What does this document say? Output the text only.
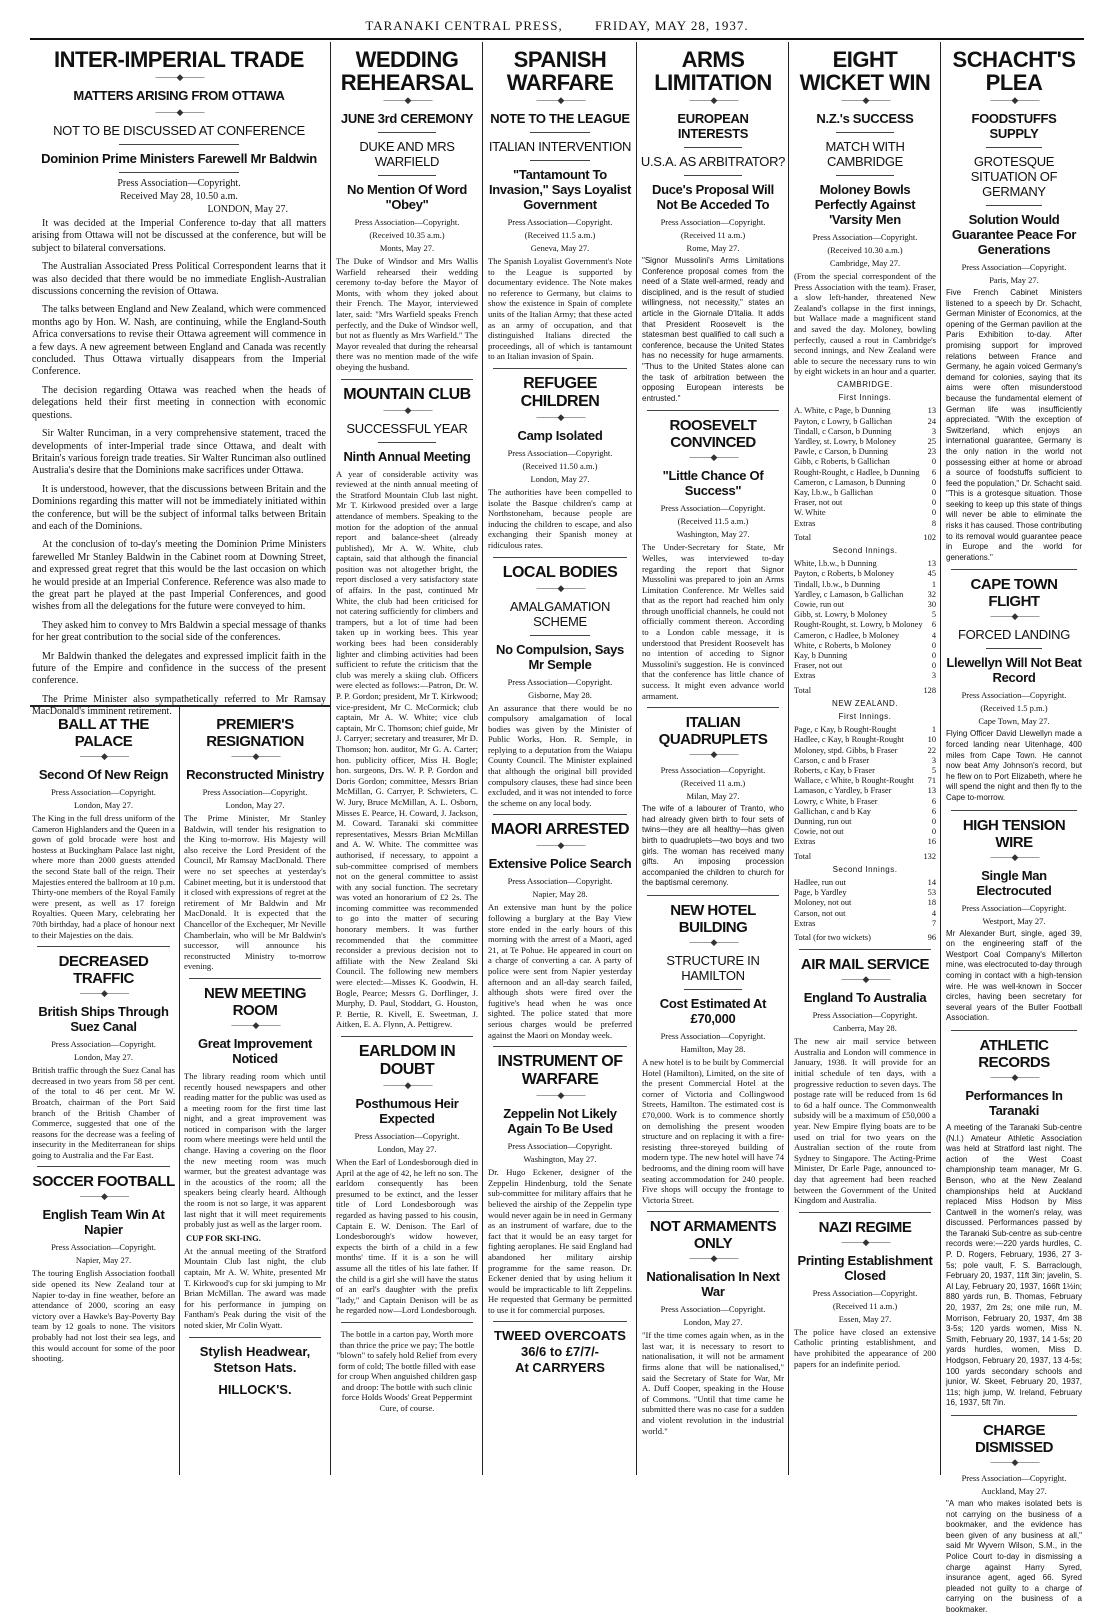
TARANAKI CENTRAL PRESS, FRIDAY, MAY 28, 1937.
INTER-IMPERIAL TRADE
———◆———
MATTERS ARISING FROM OTTAWA
———◆———
NOT TO BE DISCUSSED AT CONFERENCE
Dominion Prime Ministers Farewell Mr Baldwin
Press Association—Copyright.
Received May 28, 10.50 a.m.
LONDON, May 27.

It was decided at the Imperial Conference to-day that all matters arising from Ottawa will not be discussed at the conference, but will be subject to bilateral conversations.

The Australian Associated Press Political Correspondent learns that it was also decided that there would be no immediate English-Australian discussions concerning the revision of Ottawa.

The talks between England and New Zealand, which were commenced months ago by Hon. W. Nash, are continuing, while the England-South Africa conversations to revise their Ottawa agreement will commence in a few days. A new agreement between England and Canada was recently concluded. Thus Ottawa virtually disappears from the Imperial Conference.

The decision regarding Ottawa was reached when the heads of delegations held their first meeting in connection with economic questions.

Sir Walter Runciman, in a very comprehensive statement, traced the developments of inter-Imperial trade since Ottawa, and dealt with Britain's various foreign trade treaties. Sir Walter Runciman also outlined Australia's desire that the Dominions make sacrifices under Ottawa.

It is understood, however, that the discussions between Britain and the Dominions regarding this matter will not be immediately initiated within the conference, but will be the subject of informal talks between Britain and each of the Dominions.

At the conclusion of to-day's meeting the Dominion Prime Ministers farewelled Mr Stanley Baldwin in the Cabinet room at Downing Street, and expressed great regret that this would be the last occasion on which he would preside at an Imperial Conference. Reference was also made to the great part he played at the past Imperial Conferences, and good wishes from all the delegations for the future were conveyed to him.

They asked him to convey to Mrs Baldwin a special message of thanks for her great contribution to the social side of the conferences.

Mr Baldwin thanked the delegates and expressed implicit faith in the future of the Empire and confidence in the success of the present conference.

The Prime Minister also sympathetically referred to Mr Ramsay MacDonald's imminent retirement.

BALL AT THE PALACE
———◆———
Second Of New Reign
Press Association—Copyright.
London, May 27.
The King in the full dress uniform of the Cameron Highlanders and the Queen in a gown of gold brocade were host and hostess at Buckingham Palace last night, where more than 2000 guests attended the second State ball of the reign. Their Majesties entered the ballroom at 10 p.m. Thirty-one members of the Royal Family were present, as well as 17 foreign Royalties. Queen Mary, celebrating her 70th birthday, had a place of honour next to their Majesties on the dais.
DECREASED TRAFFIC
———◆———
British Ships Through Suez Canal
Press Association—Copyright.
London, May 27.
British traffic through the Suez Canal has decreased in two years from 58 per cent. of the total to 46 per cent. Mr W. Broatch, chairman of the Port Said branch of the British Chamber of Commerce, suggested that one of the reasons for the decrease was a feeling of insecurity in the Mediterranean for ships going to Australia and the Far East.
SOCCER FOOTBALL
———◆———
English Team Win At Napier
Press Association—Copyright.
Napier, May 27.
The touring English Association football side opened its New Zealand tour at Napier to-day in fine weather, before an attendance of 2000, scoring an easy victory over a Hawke's Bay-Poverty Bay team by 12 goals to none. The visitors probably had not lost their sea legs, and this would account for some of the poor shooting.
PREMIER'S RESIGNATION
———◆———
Reconstructed Ministry
Press Association—Copyright.
London, May 27.
The Prime Minister, Mr Stanley Baldwin, will tender his resignation to the King to-morrow. His Majesty will also receive the Lord President of the Council, Mr Ramsay MacDonald. There were no set speeches at yesterday's Cabinet meeting, but it is understood that it closed with expressions of regret at the retirement of Mr Baldwin and Mr MacDonald. It is expected that the Chancellor of the Exchequer, Mr Neville Chamberlain, who will be Mr Baldwin's successor, will announce his reconstructed Ministry to-morrow evening.
NEW MEETING ROOM
———◆———
Great Improvement Noticed
The library reading room which until recently housed newspapers and other reading matter for the public was used as a meeting room for the first time last night, and a great improvement was noticed in comparison with the larger room where meetings were held until the change. Having a covering on the floor the new meeting room was much warmer, but the greatest advantage was in the acoustics of the room; all the speakers being clearly heard. Although the room is not so large, it was apparent last night that it will meet requirements probably just as well as the larger room.
CUP FOR SKI-ING.
At the annual meeting of the Stratford Mountain Club last night, the club captain, Mr A. W. White, presented Mr T. Kirkwood's cup for ski jumping to Mr Brian McMillan. The award was made for his performance in jumping on Fantham's Peak during the visit of the noted skier, Mr Colin Wyatt.
Stylish Headwear,
Stetson Hats.
HILLOCK'S.
WEDDING REHEARSAL
———◆———
JUNE 3rd CEREMONY
DUKE AND MRS WARFIELD
No Mention Of Word "Obey"
Press Association—Copyright.
(Received 10.35 a.m.)
Monts, May 27.
The Duke of Windsor and Mrs Wallis Warfield rehearsed their wedding ceremony to-day before the Mayor of Monts, with whom they joked about their French. The Mayor, interviewed later, said: "Mrs Warfield speaks French perfectly, and the Duke of Windsor well, but not as fluently as Mrs Warfield." The Mayor revealed that during the rehearsal there was no mention made of the wife obeying the husband.
MOUNTAIN CLUB
———◆———
SUCCESSFUL YEAR
Ninth Annual Meeting
A year of considerable activity was reviewed at the ninth annual meeting of the Stratford Mountain Club last night. Mr T. Kirkwood presided over a large attendance of members. Speaking to the motion for the adoption of the annual report and balance-sheet (already published), Mr A. W. White, club captain, said that although the financial position was not altogether bright, the report disclosed a very satisfactory state of affairs. In the past, continued Mr White, the club had been criticised for not catering sufficiently for climbers and trampers, but a lot of time had been taken up in working bees. This year working bees had been considerably lighter and climbing activities had been sufficient to refute the criticism that the club was merely a skiing club. Officers were elected as follows:—Patron, Dr. W. P. P. Gordon; president, Mr T. Kirkwood; vice-president, Mr C. McCormick; club captain, Mr A. W. White; vice club captain, Mr C. Thomson; chief guide, Mr J. Carryer; secretary and treasurer, Mr D. Thomson; hon. auditor, Mr G. A. Carter; hon. publicity officer, Miss H. Bogle; hon. surgeons, Drs. W. P. P. Gordon and Doris Gordon; committee, Messrs Brian McMillan, G. Carryer, P. Schwieters, C. W. Jury, Bruce McMillan, A. L. Osborn, Misses E. Pearce, H. Coward, J. Jackson, M. Coward. Taranaki ski committee representatives, Messrs Brian McMillan and A. W. White. The committee was authorised, if necessary, to appoint a sub-committee comprised of members not on the general committee to assist with any social function. The secretary was voted an honorarium of £2 2s. The incoming committee was recommended to go into the matter of securing honorary members. It was further recommended that the committee reconsider a previous decision not to affiliate with the New Zealand Ski Council. The following new members were elected:—Misses K. Goodwin, H. Bogle, Pearce; Messrs G. Dorflinger, J. Murphy, D. Paul, Stoddart, G. Houston, P. Bertie, R. Kivell, E. Sweetman, J. Aitken, E. A. Flynn, A. Pettigrew.
EARLDOM IN DOUBT
———◆———
Posthumous Heir Expected
Press Association—Copyright.
London, May 27.
When the Earl of Londesborough died in April at the age of 42, he left no son. The earldom consequently has been presumed to be extinct, and the lesser title of Lord Londesborough was regarded as having passed to his cousin, Captain E. W. Denison. The Earl of Londesborough's widow however, expects the birth of a child in a few months' time. If it is a son he will assume all the titles of his late father. If the child is a girl she will have the status of an earl's daughter with the prefix "lady," and Captain Denison will be as he regarded now—Lord Londesborough.
The bottle in a carton pay, Worth more than thrice the price we pay; The bottle "blown" to safely hold Relief from every form of cold; The bottle filled with ease for croup When anguished children gasp and droop: The bottle with such clinic force Holds Woods' Great Peppermint Cure, of course.
SPANISH WARFARE
———◆———
NOTE TO THE LEAGUE
ITALIAN INTERVENTION
"Tantamount To Invasion," Says Loyalist Government
Press Association—Copyright.
(Received 11.5 a.m.)
Geneva, May 27.
The Spanish Loyalist Government's Note to the League is supported by documentary evidence. The Note makes no reference to Germany, but claims to show the existence in Spain of complete units of the Italian Army; that these acted as an army of occupation, and that distinguished Italians directed the proceedings, all of which is tantamount to an Italian invasion of Spain.
REFUGEE CHILDREN
———◆———
Camp Isolated
Press Association—Copyright.
(Received 11.50 a.m.)
London, May 27.
The authorities have been compelled to isolate the Basque children's camp at Northstoneham, because people are inducing the children to escape, and also exchanging their Spanish money at ridiculous rates.
LOCAL BODIES
———◆———
AMALGAMATION SCHEME
No Compulsion, Says Mr Semple
Press Association—Copyright.
Gisborne, May 28.
An assurance that there would be no compulsory amalgamation of local bodies was given by the Minister of Public Works, Hon. R. Semple, in replying to a deputation from the Waiapu County Council. The Minister explained that although the original bill provided compulsory clauses, these had since been excluded, and it was not intended to force the scheme on any local body.
MAORI ARRESTED
———◆———
Extensive Police Search
Press Association—Copyright.
Napier, May 28.
An extensive man hunt by the police following a burglary at the Bay View store ended in the early hours of this morning with the arrest of a Maori, aged 21, at Te Pohue. He appeared in court on a charge of converting a car. A party of police were sent from Napier yesterday afternoon and an all-day search failed, although shots were fired over the fugitive's head when he was once sighted. The police stated that more serious charges would be preferred against the Maori on Monday week.
INSTRUMENT OF WARFARE
———◆———
Zeppelin Not Likely Again To Be Used
Press Association—Copyright.
Washington, May 27.
Dr. Hugo Eckener, designer of the Zeppelin Hindenburg, told the Senate sub-committee for military affairs that he believed the airship of the Zeppelin type would never again be in need in Germany as an instrument of warfare, due to the fact that it would be an easy target for fighting aeroplanes. He said England had abandoned her military airship programme for the same reason. Dr. Eckener denied that by using helium it would be impracticable to lift Zeppelins. He requested that Germany be permitted to use it for commercial purposes.
TWEED OVERCOATS
36/6 to £7/7/-
At CARRYERS
ARMS LIMITATION
———◆———
EUROPEAN INTERESTS
U.S.A. AS ARBITRATOR?
Duce's Proposal Will Not Be Acceded To
Press Association—Copyright.
(Received 11 a.m.)
Rome, May 27.
"Signor Mussolini's Arms Limitations Conference proposal comes from the need of a State well-armed, ready and disciplined, and is the result of studied willingness, not necessity," states an article in the Giornale D'Italia. It adds that President Roosevelt is the statesman best qualified to call such a conference, because the United States has no necessity for huge armaments. "Thus to the United States alone can the task of arbitration between the opposing European interests be entrusted."
ROOSEVELT CONVINCED
———◆———
"Little Chance Of Success"
Press Association—Copyright.
(Received 11.5 a.m.)
Washington, May 27.
The Under-Secretary for State, Mr Welles, was interviewed to-day regarding the report that Signor Mussolini was prepared to join an Arms Limitation Conference. Mr Welles said that as the report had reached him only through unofficial channels, he could not officially comment thereon. According to a London cable message, it is understood that President Roosevelt has no intention of acceding to Signor Mussolini's suggestion. He is convinced that the conference has little chance of success. It might even advance world armament.
ITALIAN QUADRUPLETS
———◆———
Press Association—Copyright.
(Received 11 a.m.)
Milan, May 27.
The wife of a labourer of Tranto, who had already given birth to four sets of twins—they are all healthy—has given birth to quadruplets—two boys and two girls. The woman has received many gifts. An imposing procession accompanied the children to church for the baptismal ceremony.
NEW HOTEL BUILDING
———◆———
STRUCTURE IN HAMILTON
Cost Estimated At £70,000
Press Association—Copyright.
Hamilton, May 28.
A new hotel is to be built by Commercial Hotel (Hamilton), Limited, on the site of the present Commercial Hotel at the corner of Victoria and Collingwood Streets, Hamilton. The estimated cost is £70,000. Work is to commence shortly on demolishing the present wooden structure and on replacing it with a fire-resisting three-storeyed building of modern type. The new hotel will have 74 bedrooms, and the dining room will have seating accommodation for 240 people. Five shops will occupy the frontage to Victoria Street.
NOT ARMAMENTS ONLY
———◆———
Nationalisation In Next War
Press Association—Copyright.
London, May 27.
"If the time comes again when, as in the last war, it is necessary to resort to nationalisation, it will not be armament firms alone that will be nationalised," said the Secretary of State for War, Mr A. Duff Cooper, speaking in the House of Commons. "Until that time came he submitted there was no case for a sudden and violent revolution in the industrial world."
EIGHT WICKET WIN
———◆———
N.Z.'s SUCCESS
MATCH WITH CAMBRIDGE
Moloney Bowls Perfectly Against 'Varsity Men
Press Association—Copyright.
(Received 10.30 a.m.)
Cambridge, May 27.
(From the special correspondent of the Press Association with the team). Fraser, a slow left-hander, threatened New Zealand's collapse in the first innings, but Wallace made a magnificent stand and saved the day. Moloney, bowling perfectly, caused a rout in Cambridge's second innings, and New Zealand were able to secure the necessary runs to win by eight wickets in an hour and a quarter.
CAMBRIDGE.
First Innings.
A. White, c Page, b Dunning	13
Payton, c Lowry, b Gallichan	24
Tindall, c Carson, b Dunning	3
Yardley, st. Lowry, b Moloney	25
Pawle, c Carson, b Dunning	23
Gibb, c Roberts, b Gallichan	0
Rought-Rought, c Hadlee, b Dunning 6
Cameron, c Lamason, b Dunning	0
Kay, l.b.w., b Gallichan	0
Fraser, not out	0
W. White	0
Extras	8
Total	102
Second Innings.
White, l.b.w., b Dunning	13
Payton, c Roberts, b Moloney	45
Tindall, l.b.w., b Dunning	1
Yardley, c Lamason, b Gallichan	32
Cowie, run out	30
Gibb, st. Lowry, b Moloney	5
Rought-Rought, st. Lowry, b Moloney 6
Cameron, c Hadlee, b Moloney	4
White, c Roberts, b Moloney	0
Kay, b Dunning	0
Fraser, not out	0
Extras	3
Total	128
NEW ZEALAND.
First Innings.
Page, c Kay, b Rought-Rought	1
Hadlee, c Kay, b Rought-Rought	10
Moloney, stpd. Gibbs, b Fraser	22
Carson, c and b Fraser	3
Roberts, c Kay, b Fraser	5
Wallace, c White, b Rought-Rought 71
Lamason, c Yardley, b Fraser	13
Lowry, c White, b Fraser	6
Gallichan, c and b Kay	6
Dunning, run out	0
Cowie, not out	0
Extras	16
Total	132
Second Innings.
Hadlee, run out	14
Page, b Yardley	53
Moloney, not out	18
Carson, not out	4
Extras	7
Total (for two wickets)	96
AIR MAIL SERVICE
———◆———
England To Australia
Press Association—Copyright.
Canberra, May 28.
The new air mail service between Australia and London will commence in January, 1938. It will provide for an initial schedule of ten days, with a progressive reduction to seven days. The postage rate will be reduced from 1s 6d to 6d a half ounce. The Commonwealth subsidy will be a maximum of £50,000 a year. New Empire flying boats are to be used on trial for two years on the Australian section of the route from Sydney to Singapore. The Acting-Prime Minister, Dr Earle Page, announced to-day that agreement had been reached between the Government of the United Kingdom and Australia.
NAZI REGIME
———◆———
Printing Establishment Closed
Press Association—Copyright.
(Received 11 a.m.)
Essen, May 27.
The police have closed an extensive Catholic printing establishment, and have prohibited the appearance of 200 papers for an indefinite period.
SCHACHT'S PLEA
———◆———
FOODSTUFFS SUPPLY
GROTESQUE SITUATION OF GERMANY
Solution Would Guarantee Peace For Generations
Press Association—Copyright.
Paris, May 27.
Five French Cabinet Ministers listened to a speech by Dr. Schacht, German Minister of Economics, at the opening of the German pavilion at the Paris Exhibition to-day. After promising support for improved relations between France and Germany, he again voiced Germany's demand for colonies, saying that its aims were often misunderstood because the fundamental element of German life was insufficiently appreciated. "With the exception of Switzerland, which enjoys an international guarantee, Germany is the only nation in the world not possessing either at home or abroad a source of foodstuffs sufficient to feed the population," Dr. Schacht said. "This is a grotesque situation. Those seeking to keep up this state of things will never be able to eliminate the risks it has caused. Those contributing to its removal would guarantee peace in Europe and the world for generations."
CAPE TOWN FLIGHT
———◆———
FORCED LANDING
Llewellyn Will Not Beat Record
Press Association—Copyright.
(Received 1.5 p.m.)
Cape Town, May 27.
Flying Officer David Llewellyn made a forced landing near Uitenhage, 400 miles from Cape Town. He cannot now beat Amy Johnson's record, but he flew on to Port Elizabeth, where he will spend the night and then fly to the Cape to-morrow.
HIGH TENSION WIRE
———◆———
Single Man Electrocuted
Press Association—Copyright.
Westport, May 27.
Mr Alexander Burt, single, aged 39, on the engineering staff of the Westport Coal Company's Millerton mine, was electrocuted to-day through coming in contact with a high-tension wire. He was well-known in Soccer circles, having been secretary for several years of the Buller Football Association.
ATHLETIC RECORDS
———◆———
Performances In Taranaki
A meeting of the Taranaki Sub-centre (N.I.) Amateur Athletic Association was held at Stratford last night. The action of the West Coast championship team manager, Mr G. Benson, who at the New Zealand championships held at Auckland replaced Miss Hodson by Miss Cantwell in the women's relay, was discussed. Performances passed by the Taranaki Sub-centre as sub-centre records were:—220 yards hurdles, C. P. D. Rogers, February, 1936, 27 3-5s; pole vault, F. S. Barraclough, February 20, 1937, 11ft 3in; javelin, S. Al Lay, February 20, 1937, 166ft 1½in; 880 yards run, B. Thomas, February 20, 1937, 2m 2s; one mile run, M. Morrison, February 20, 1937, 4m 38 3-5s; 120 yards women, Miss N. Smith, February 20, 1937, 14 1-5s; 20 yards hurdles, women, Miss D. Hodgson, February 20, 1937, 13 4-5s; 100 yards secondary schools and junior, W. Skeet, February 20, 1937, 11s; high jump, W. Ireland, February 16, 1937, 5ft 7in.
CHARGE DISMISSED
———◆———
Press Association—Copyright.
Auckland, May 27.
"A man who makes isolated bets is not carrying on the business of a bookmaker, and the evidence has been given of any business at all," said Mr Wyvern Wilson, S.M., in the Police Court to-day in dismissing a charge against Harry Syred, insurance agent, aged 66. Syred pleaded not guilty to a charge of carrying on the business of a bookmaker.
